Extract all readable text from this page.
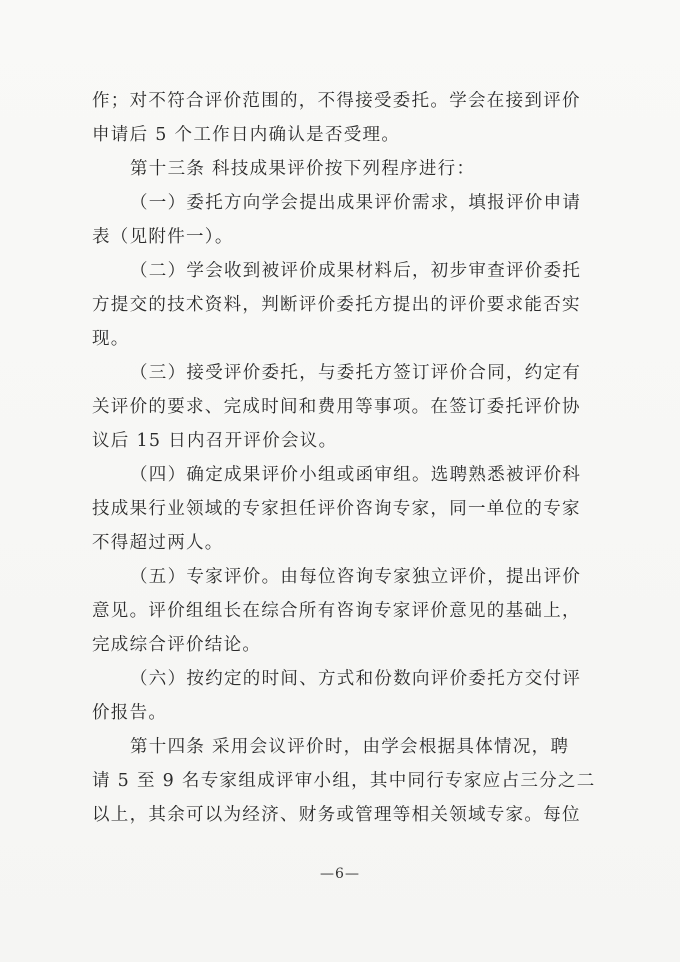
作；对不符合评价范围的，不得接受委托。学会在接到评价
申请后 5 个工作日内确认是否受理。
第十三条 科技成果评价按下列程序进行：
（一）委托方向学会提出成果评价需求，填报评价申请
表（见附件一）。
（二）学会收到被评价成果材料后，初步审查评价委托
方提交的技术资料，判断评价委托方提出的评价要求能否实
现。
（三）接受评价委托，与委托方签订评价合同，约定有
关评价的要求、完成时间和费用等事项。在签订委托评价协
议后 15 日内召开评价会议。
（四）确定成果评价小组或函审组。选聘熟悉被评价科
技成果行业领域的专家担任评价咨询专家，同一单位的专家
不得超过两人。
（五）专家评价。由每位咨询专家独立评价，提出评价
意见。评价组组长在综合所有咨询专家评价意见的基础上，
完成综合评价结论。
（六）按约定的时间、方式和份数向评价委托方交付评
价报告。
第十四条 采用会议评价时，由学会根据具体情况，聘
请 5 至 9 名专家组成评审小组，其中同行专家应占三分之二
以上，其余可以为经济、财务或管理等相关领域专家。每位
—6—
